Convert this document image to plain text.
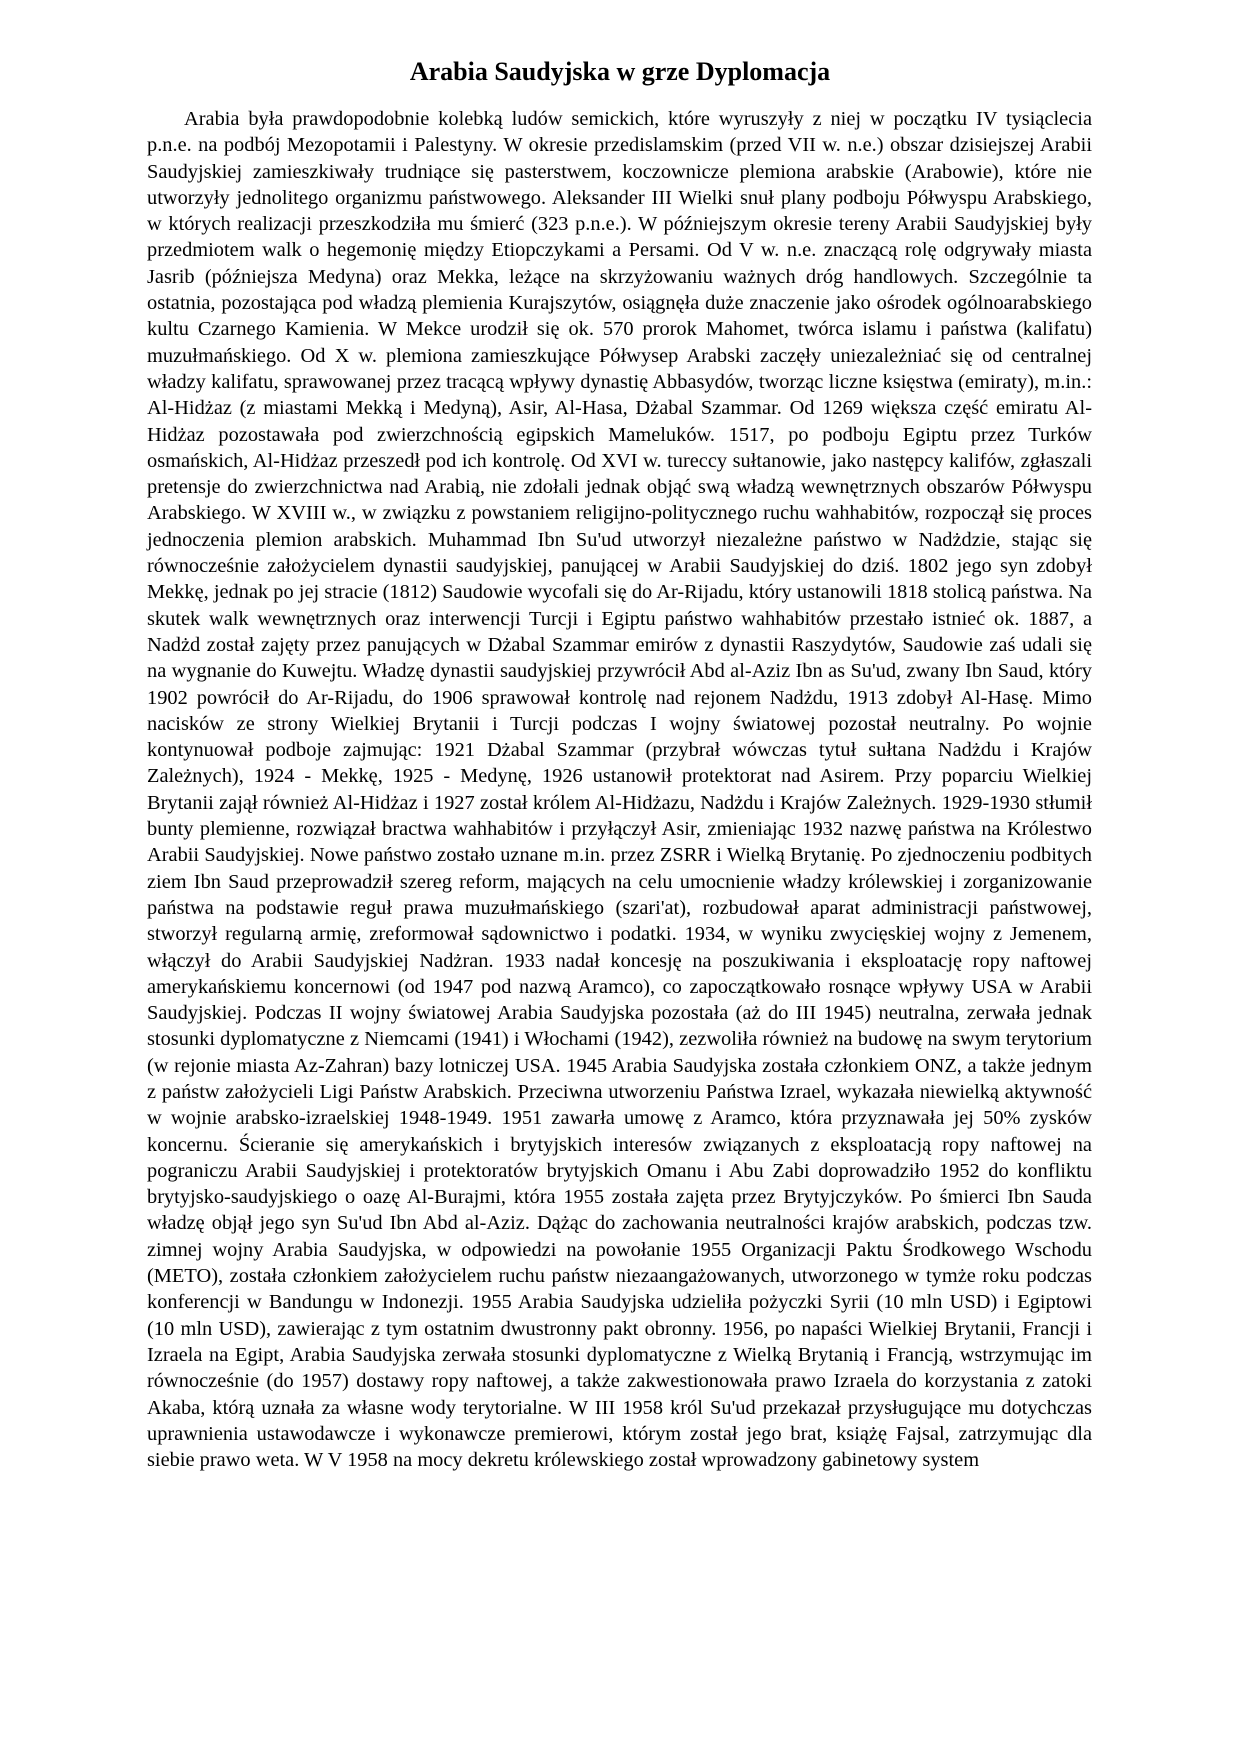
Arabia Saudyjska w grze Dyplomacja

Arabia była prawdopodobnie kolebką ludów semickich, które wyruszyły z niej w początku IV tysiąclecia p.n.e. na podbój Mezopotamii i Palestyny. W okresie przedislamskim (przed VII w. n.e.) obszar dzisiejszej Arabii Saudyjskiej zamieszkiwały trudniące się pasterstwem, koczownicze plemiona arabskie (Arabowie), które nie utworzyły jednolitego organizmu państwowego. Aleksander III Wielki snuł plany podboju Półwyspu Arabskiego, w których realizacji przeszkodziła mu śmierć (323 p.n.e.). W późniejszym okresie tereny Arabii Saudyjskiej były przedmiotem walk o hegemonię między Etiopczykami a Persami. Od V w. n.e. znaczącą rolę odgrywały miasta Jasrib (późniejsza Medyna) oraz Mekka, leżące na skrzyżowaniu ważnych dróg handlowych. Szczególnie ta ostatnia, pozostająca pod władzą plemienia Kurajszytów, osiągnęła duże znaczenie jako ośrodek ogólnoarabskiego kultu Czarnego Kamienia. W Mekce urodził się ok. 570 prorok Mahomet, twórca islamu i państwa (kalifatu) muzułmańskiego. Od X w. plemiona zamieszkujące Półwysep Arabski zaczęły uniezależniać się od centralnej władzy kalifatu, sprawowanej przez tracącą wpływy dynastię Abbasydów, tworząc liczne księstwa (emiraty), m.in.: Al-Hidżaz (z miastami Mekką i Medyną), Asir, Al-Hasa, Dżabal Szammar. Od 1269 większa część emiratu Al-Hidżaz pozostawała pod zwierzchnością egipskich Mameluków. 1517, po podboju Egiptu przez Turków osmańskich, Al-Hidżaz przeszedł pod ich kontrolę. Od XVI w. tureccy sułtanowie, jako następcy kalifów, zgłaszali pretensje do zwierzchnictwa nad Arabią, nie zdołali jednak objąć swą władzą wewnętrznych obszarów Półwyspu Arabskiego. W XVIII w., w związku z powstaniem religijno-politycznego ruchu wahhabitów, rozpoczął się proces jednoczenia plemion arabskich. Muhammad Ibn Su'ud utworzył niezależne państwo w Nadżdzie, stając się równocześnie założycielem dynastii saudyjskiej, panującej w Arabii Saudyjskiej do dziś. 1802 jego syn zdobył Mekkę, jednak po jej stracie (1812) Saudowie wycofali się do Ar-Rijadu, który ustanowili 1818 stolicą państwa. Na skutek walk wewnętrznych oraz interwencji Turcji i Egiptu państwo wahhabitów przestało istnieć ok. 1887, a Nadżd został zajęty przez panujących w Dżabal Szammar emirów z dynastii Raszydytów, Saudowie zaś udali się na wygnanie do Kuwejtu. Władzę dynastii saudyjskiej przywrócił Abd al-Aziz Ibn as Su'ud, zwany Ibn Saud, który 1902 powrócił do Ar-Rijadu, do 1906 sprawował kontrolę nad rejonem Nadżdu, 1913 zdobył Al-Hasę. Mimo nacisków ze strony Wielkiej Brytanii i Turcji podczas I wojny światowej pozostał neutralny. Po wojnie kontynuował podboje zajmując: 1921 Dżabal Szammar (przybrał wówczas tytuł sułtana Nadżdu i Krajów Zależnych), 1924 - Mekkę, 1925 - Medynę, 1926 ustanowił protektorat nad Asirem. Przy poparciu Wielkiej Brytanii zajął również Al-Hidżaz i 1927 został królem Al-Hidżazu, Nadżdu i Krajów Zależnych. 1929-1930 stłumił bunty plemienne, rozwiązał bractwa wahhabitów i przyłączył Asir, zmieniając 1932 nazwę państwa na Królestwo Arabii Saudyjskiej. Nowe państwo zostało uznane m.in. przez ZSRR i Wielką Brytanię. Po zjednoczeniu podbitych ziem Ibn Saud przeprowadził szereg reform, mających na celu umocnienie władzy królewskiej i zorganizowanie państwa na podstawie reguł prawa muzułmańskiego (szari'at), rozbudował aparat administracji państwowej, stworzył regularną armię, zreformował sądownictwo i podatki. 1934, w wyniku zwycięskiej wojny z Jemenem, włączył do Arabii Saudyjskiej Nadżran. 1933 nadał koncesję na poszukiwania i eksploatację ropy naftowej amerykańskiemu koncernowi (od 1947 pod nazwą Aramco), co zapoczątkowało rosnące wpływy USA w Arabii Saudyjskiej. Podczas II wojny światowej Arabia Saudyjska pozostała (aż do III 1945) neutralna, zerwała jednak stosunki dyplomatyczne z Niemcami (1941) i Włochami (1942), zezwoliła również na budowę na swym terytorium (w rejonie miasta Az-Zahran) bazy lotniczej USA. 1945 Arabia Saudyjska została członkiem ONZ, a także jednym z państw założycieli Ligi Państw Arabskich. Przeciwna utworzeniu Państwa Izrael, wykazała niewielką aktywność w wojnie arabsko-izraelskiej 1948-1949. 1951 zawarła umowę z Aramco, która przyznawała jej 50% zysków koncernu. Ścieranie się amerykańskich i brytyjskich interesów związanych z eksploatacją ropy naftowej na pograniczu Arabii Saudyjskiej i protektoratów brytyjskich Omanu i Abu Zabi doprowadziło 1952 do konfliktu brytyjsko-saudyjskiego o oazę Al-Burajmi, która 1955 została zajęta przez Brytyjczyków. Po śmierci Ibn Sauda władzę objął jego syn Su'ud Ibn Abd al-Aziz. Dążąc do zachowania neutralności krajów arabskich, podczas tzw. zimnej wojny Arabia Saudyjska, w odpowiedzi na powołanie 1955 Organizacji Paktu Środkowego Wschodu (METO), została członkiem założycielem ruchu państw niezaangażowanych, utworzonego w tymże roku podczas konferencji w Bandungu w Indonezji. 1955 Arabia Saudyjska udzieliła pożyczki Syrii (10 mln USD) i Egiptowi (10 mln USD), zawierając z tym ostatnim dwustronny pakt obronny. 1956, po napaści Wielkiej Brytanii, Francji i Izraela na Egipt, Arabia Saudyjska zerwała stosunki dyplomatyczne z Wielką Brytanią i Francją, wstrzymując im równocześnie (do 1957) dostawy ropy naftowej, a także zakwestionowała prawo Izraela do korzystania z zatoki Akaba, którą uznała za własne wody terytorialne. W III 1958 król Su'ud przekazał przysługujące mu dotychczas uprawnienia ustawodawcze i wykonawcze premierowi, którym został jego brat, książę Fajsal, zatrzymując dla siebie prawo weta. W V 1958 na mocy dekretu królewskiego został wprowadzony gabinetowy system
